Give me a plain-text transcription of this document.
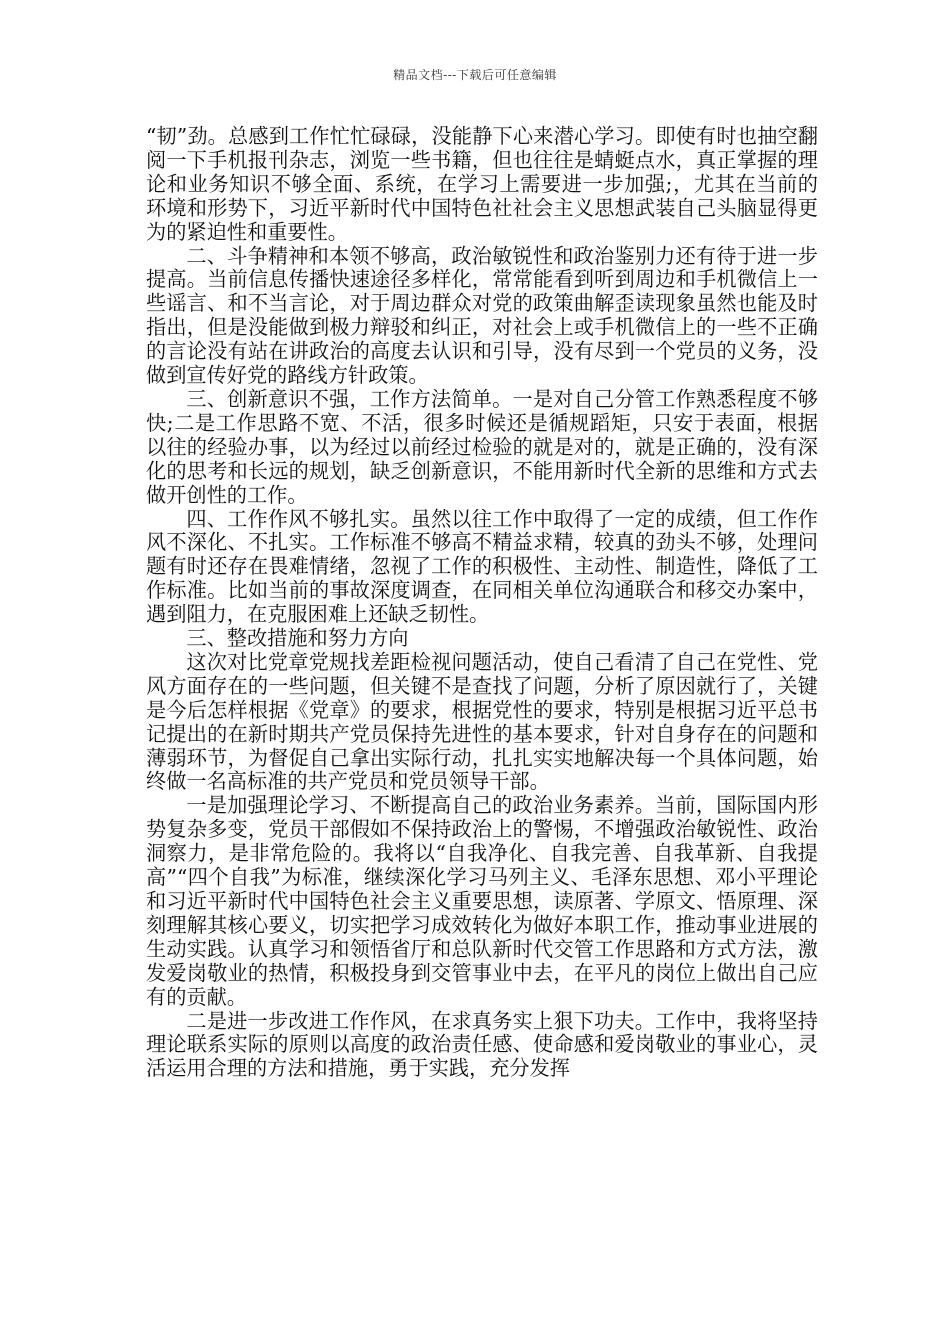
精品文档---下载后可任意编辑

“韧”劲。总感到工作忙忙碌碌，没能静下心来潜心学习。即使有时也抽空翻阅一下手机报刊杂志，浏览一些书籍，但也往往是蜻蜓点水，真正掌握的理论和业务知识不够全面、系统，在学习上需要进一步加强;，尤其在当前的环境和形势下，习近平新时代中国特色社社会主义思想武装自己头脑显得更为的紧迫性和重要性。

二、斗争精神和本领不够高，政治敏锐性和政治鉴别力还有待于进一步提高。当前信息传播快速途径多样化，常常能看到听到周边和手机微信上一些谣言、和不当言论，对于周边群众对党的政策曲解歪读现象虽然也能及时指出，但是没能做到极力辩驳和纠正，对社会上或手机微信上的一些不正确的言论没有站在讲政治的高度去认识和引导，没有尽到一个党员的义务，没做到宣传好党的路线方针政策。

三、创新意识不强，工作方法简单。一是对自己分管工作熟悉程度不够快;二是工作思路不宽、不活，很多时候还是循规蹈矩，只安于表面，根据以往的经验办事，以为经过以前经过检验的就是对的，就是正确的，没有深化的思考和长远的规划，缺乏创新意识，不能用新时代全新的思维和方式去做开创性的工作。

四、工作作风不够扎实。虽然以往工作中取得了一定的成绩，但工作作风不深化、不扎实。工作标准不够高不精益求精，较真的劲头不够，处理问题有时还存在畏难情绪，忽视了工作的积极性、主动性、制造性，降低了工作标准。比如当前的事故深度调查，在同相关单位沟通联合和移交办案中，遇到阻力，在克服困难上还缺乏韧性。

三、整改措施和努力方向

这次对比党章党规找差距检视问题活动，使自己看清了自己在党性、党风方面存在的一些问题，但关键不是查找了问题，分析了原因就行了，关键是今后怎样根据《党章》的要求，根据党性的要求，特别是根据习近平总书记提出的在新时期共产党员保持先进性的基本要求，针对自身存在的问题和薄弱环节，为督促自己拿出实际行动，扎扎实实地解决每一个具体问题，始终做一名高标准的共产党员和党员领导干部。

一是加强理论学习、不断提高自己的政治业务素养。当前，国际国内形势复杂多变，党员干部假如不保持政治上的警惕，不增强政治敏锐性、政治洞察力，是非常危险的。我将以“自我净化、自我完善、自我革新、自我提高”“四个自我”为标准，继续深化学习马列主义、毛泽东思想、邓小平理论和习近平新时代中国特色社会主义重要思想，读原著、学原文、悟原理、深刻理解其核心要义，切实把学习成效转化为做好本职工作，推动事业进展的生动实践。认真学习和领悟省厅和总队新时代交管工作思路和方式方法，激发爱岗敬业的热情，积极投身到交管事业中去，在平凡的岗位上做出自己应有的贡献。

二是进一步改进工作作风，在求真务实上狠下功夫。工作中，我将坚持理论联系实际的原则以高度的政治责任感、使命感和爱岗敬业的事业心，灵活运用合理的方法和措施，勇于实践，充分发挥
